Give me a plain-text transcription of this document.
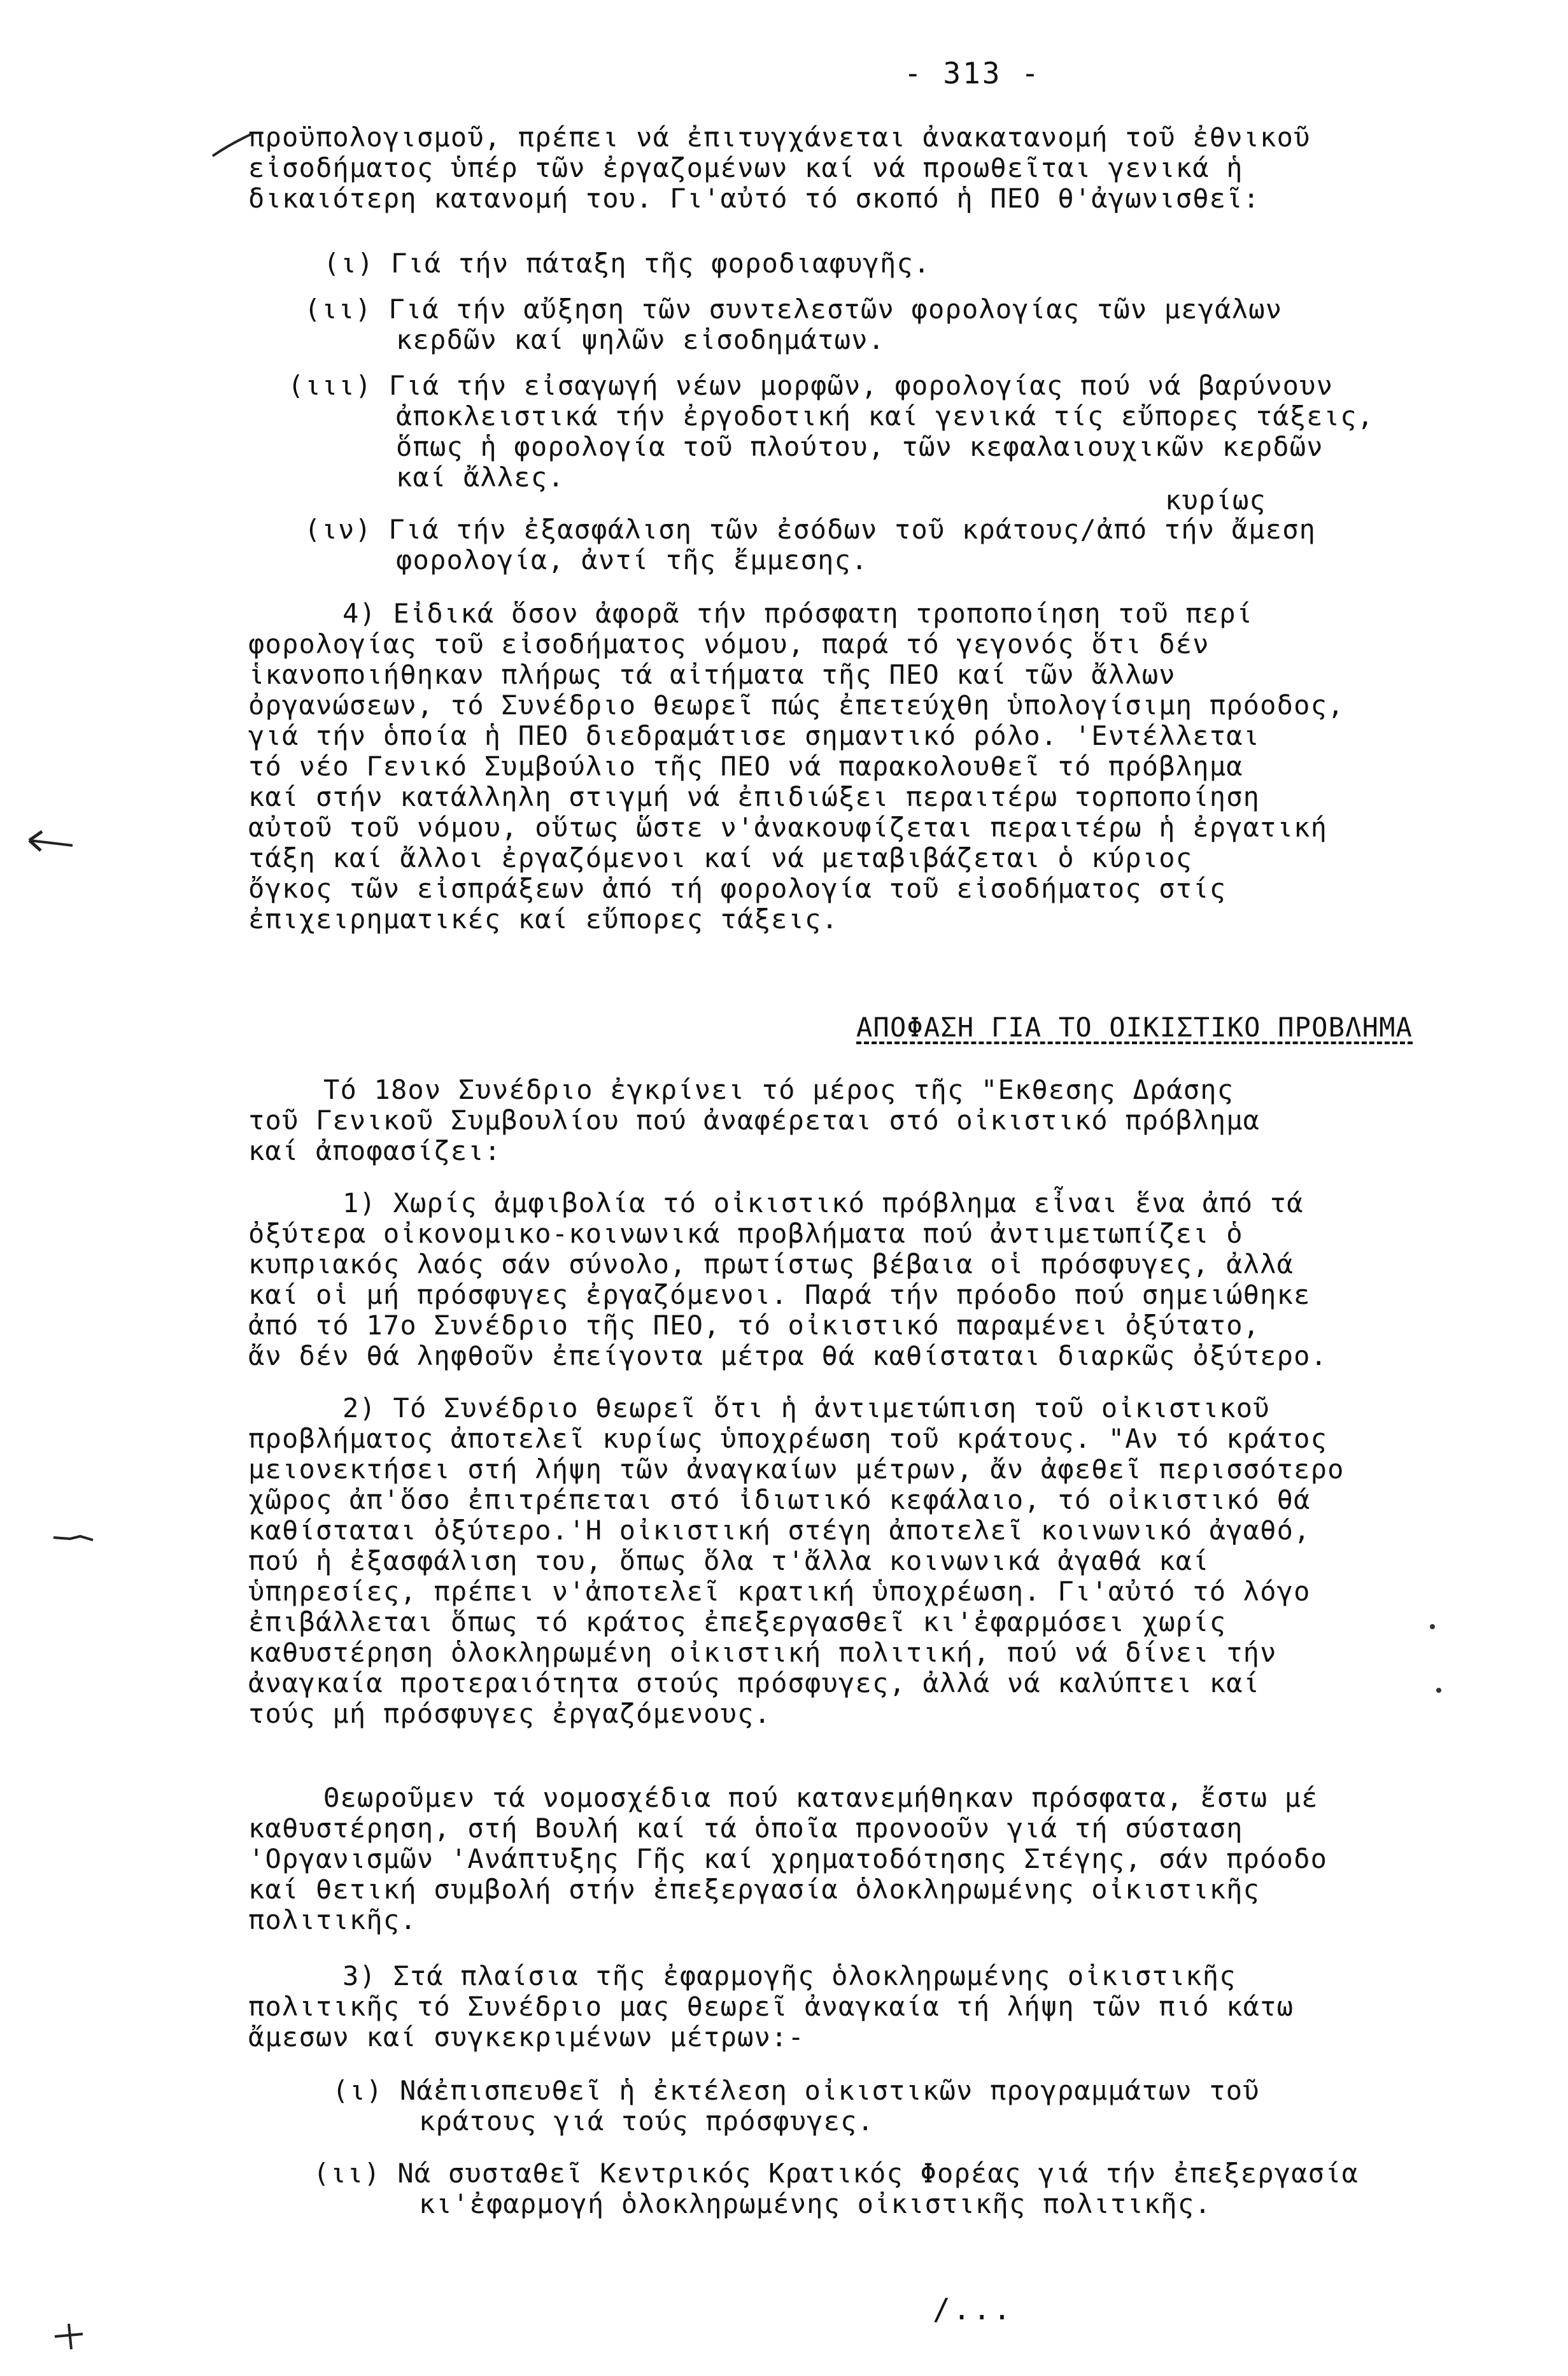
- 313 -
προϋπολογισμοῦ, πρέπει νά ἐπιτυγχάνεται ἀνακατανομή τοῦ ἐθνικοῦ
εἰσοδήματος ὑπέρ τῶν ἐργαζομένων καί νά προωθεῖται γενικά ἡ
δικαιότερη κατανομή του. Γι'αὐτό τό σκοπό ἡ ΠΕΟ θ'ἀγωνισθεῖ:
(ι) Γιά τήν πάταξη τῆς φοροδιαφυγῆς.
(ιι) Γιά τήν αὔξηση τῶν συντελεστῶν φορολογίας τῶν μεγάλων
κερδῶν καί ψηλῶν εἰσοδημάτων.
(ιιι) Γιά τήν εἰσαγωγή νέων μορφῶν, φορολογίας πού νά βαρύνουν
ἀποκλειστικά τήν ἐργοδοτική καί γενικά τίς εὔπορες τάξεις,
ὅπως ἡ φορολογία τοῦ πλούτου, τῶν κεφαλαιουχικῶν κερδῶν
καί ἄλλες.
κυρίως
(ιν) Γιά τήν ἐξασφάλιση τῶν ἐσόδων τοῦ κράτους/ἀπό τήν ἄμεση
φορολογία, ἀντί τῆς ἔμμεσης.
4) Εἰδικά ὅσον ἀφορᾶ τήν πρόσφατη τροποποίηση τοῦ περί
φορολογίας τοῦ εἰσοδήματος νόμου, παρά τό γεγονός ὅτι δέν
ἱκανοποιήθηκαν πλήρως τά αἰτήματα τῆς ΠΕΟ καί τῶν ἄλλων
ὀργανώσεων, τό Συνέδριο θεωρεῖ πώς ἐπετεύχθη ὑπολογίσιμη πρόοδος,
γιά τήν ὁποία ἡ ΠΕΟ διεδραμάτισε σημαντικό ρόλο. 'Εντέλλεται
τό νέο Γενικό Συμβούλιο τῆς ΠΕΟ νά παρακολουθεῖ τό πρόβλημα
καί στήν κατάλληλη στιγμή νά ἐπιδιώξει περαιτέρω τορποποίηση
αὐτοῦ τοῦ νόμου, οὕτως ὥστε ν'ἀνακουφίζεται περαιτέρω ἡ ἐργατική
τάξη καί ἄλλοι ἐργαζόμενοι καί νά μεταβιβάζεται ὁ κύριος
ὄγκος τῶν εἰσπράξεων ἀπό τή φορολογία τοῦ εἰσοδήματος στίς
ἐπιχειρηματικές καί εὔπορες τάξεις.
ΑΠΟΦΑΣΗ ΓΙΑ ΤΟ ΟΙΚΙΣΤΙΚΟ ΠΡΟΒΛΗΜΑ
Τό 18ον Συνέδριο ἐγκρίνει τό μέρος τῆς "Εκθεσης Δράσης
τοῦ Γενικοῦ Συμβουλίου πού ἀναφέρεται στό οἰκιστικό πρόβλημα
καί ἀποφασίζει:
1) Χωρίς ἀμφιβολία τό οἰκιστικό πρόβλημα εἶναι ἕνα ἀπό τά
ὀξύτερα οἰκονομικο-κοινωνικά προβλήματα πού ἀντιμετωπίζει ὁ
κυπριακός λαός σάν σύνολο, πρωτίστως βέβαια οἱ πρόσφυγες, ἀλλά
καί οἱ μή πρόσφυγες ἐργαζόμενοι. Παρά τήν πρόοδο πού σημειώθηκε
ἀπό τό 17ο Συνέδριο τῆς ΠΕΟ, τό οἰκιστικό παραμένει ὀξύτατο,
ἄν δέν θά ληφθοῦν ἐπείγοντα μέτρα θά καθίσταται διαρκῶς ὀξύτερο.
2) Τό Συνέδριο θεωρεῖ ὅτι ἡ ἀντιμετώπιση τοῦ οἰκιστικοῦ
προβλήματος ἀποτελεῖ κυρίως ὑποχρέωση τοῦ κράτους. "Αν τό κράτος
μειονεκτήσει στή λήψη τῶν ἀναγκαίων μέτρων, ἄν ἀφεθεῖ περισσότερο
χῶρος ἀπ'ὅσο ἐπιτρέπεται στό ἰδιωτικό κεφάλαιο, τό οἰκιστικό θά
καθίσταται ὀξύτερο.'Η οἰκιστική στέγη ἀποτελεῖ κοινωνικό ἀγαθό,
πού ἡ ἐξασφάλιση του, ὅπως ὅλα τ'ἄλλα κοινωνικά ἀγαθά καί
ὑπηρεσίες, πρέπει ν'ἀποτελεῖ κρατική ὑποχρέωση. Γι'αὐτό τό λόγο
ἐπιβάλλεται ὅπως τό κράτος ἐπεξεργασθεῖ κι'ἐφαρμόσει χωρίς
καθυστέρηση ὁλοκληρωμένη οἰκιστική πολιτική, πού νά δίνει τήν
ἀναγκαία προτεραιότητα στούς πρόσφυγες, ἀλλά νά καλύπτει καί
τούς μή πρόσφυγες ἐργαζόμενους.
Θεωροῦμεν τά νομοσχέδια πού κατανεμήθηκαν πρόσφατα, ἔστω μέ
καθυστέρηση, στή Βουλή καί τά ὁποῖα προνοοῦν γιά τή σύσταση
'Οργανισμῶν 'Ανάπτυξης Γῆς καί χρηματοδότησης Στέγης, σάν πρόοδο
καί θετική συμβολή στήν ἐπεξεργασία ὁλοκληρωμένης οἰκιστικῆς
πολιτικῆς.
3) Στά πλαίσια τῆς ἐφαρμογῆς ὁλοκληρωμένης οἰκιστικῆς
πολιτικῆς τό Συνέδριο μας θεωρεῖ ἀναγκαία τή λήψη τῶν πιό κάτω
ἄμεσων καί συγκεκριμένων μέτρων:-
(ι) Νάἐπισπευθεῖ ἡ ἐκτέλεση οἰκιστικῶν προγραμμάτων τοῦ
κράτους γιά τούς πρόσφυγες.
(ιι) Νά συσταθεῖ Κεντρικός Κρατικός Φορέας γιά τήν ἐπεξεργασία
κι'ἐφαρμογή ὁλοκληρωμένης οἰκιστικῆς πολιτικῆς.
/...
